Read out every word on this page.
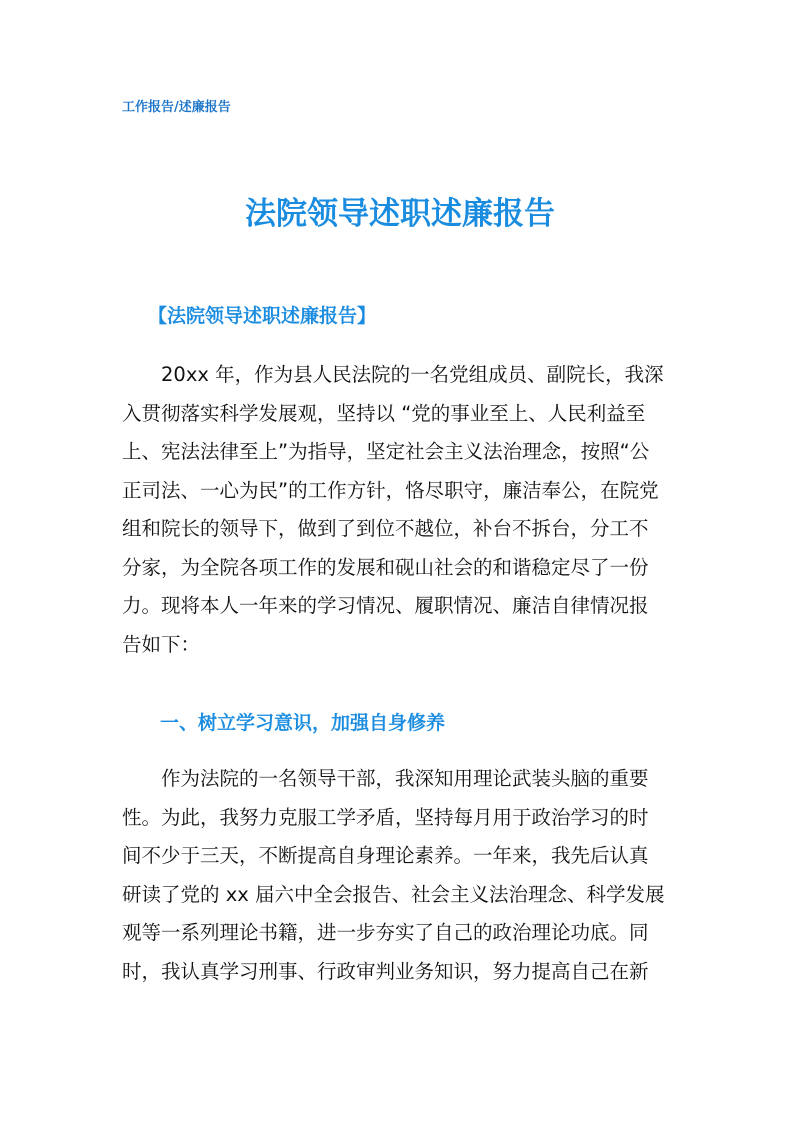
工作报告/述廉报告
法院领导述职述廉报告
【法院领导述职述廉报告】
20xx 年，作为县人民法院的一名党组成员、副院长，我深
入贯彻落实科学发展观，坚持以 “党的事业至上、人民利益至
上、宪法法律至上”为指导，坚定社会主义法治理念，按照“公
正司法、一心为民”的工作方针，恪尽职守，廉洁奉公，在院党
组和院长的领导下，做到了到位不越位，补台不拆台，分工不
分家，为全院各项工作的发展和砚山社会的和谐稳定尽了一份
力。现将本人一年来的学习情况、履职情况、廉洁自律情况报
告如下：
一、树立学习意识，加强自身修养
作为法院的一名领导干部，我深知用理论武装头脑的重要
性。为此，我努力克服工学矛盾，坚持每月用于政治学习的时
间不少于三天，不断提高自身理论素养。一年来，我先后认真
研读了党的 xx 届六中全会报告、社会主义法治理念、科学发展
观等一系列理论书籍，进一步夯实了自己的政治理论功底。同
时，我认真学习刑事、行政审判业务知识，努力提高自己在新
